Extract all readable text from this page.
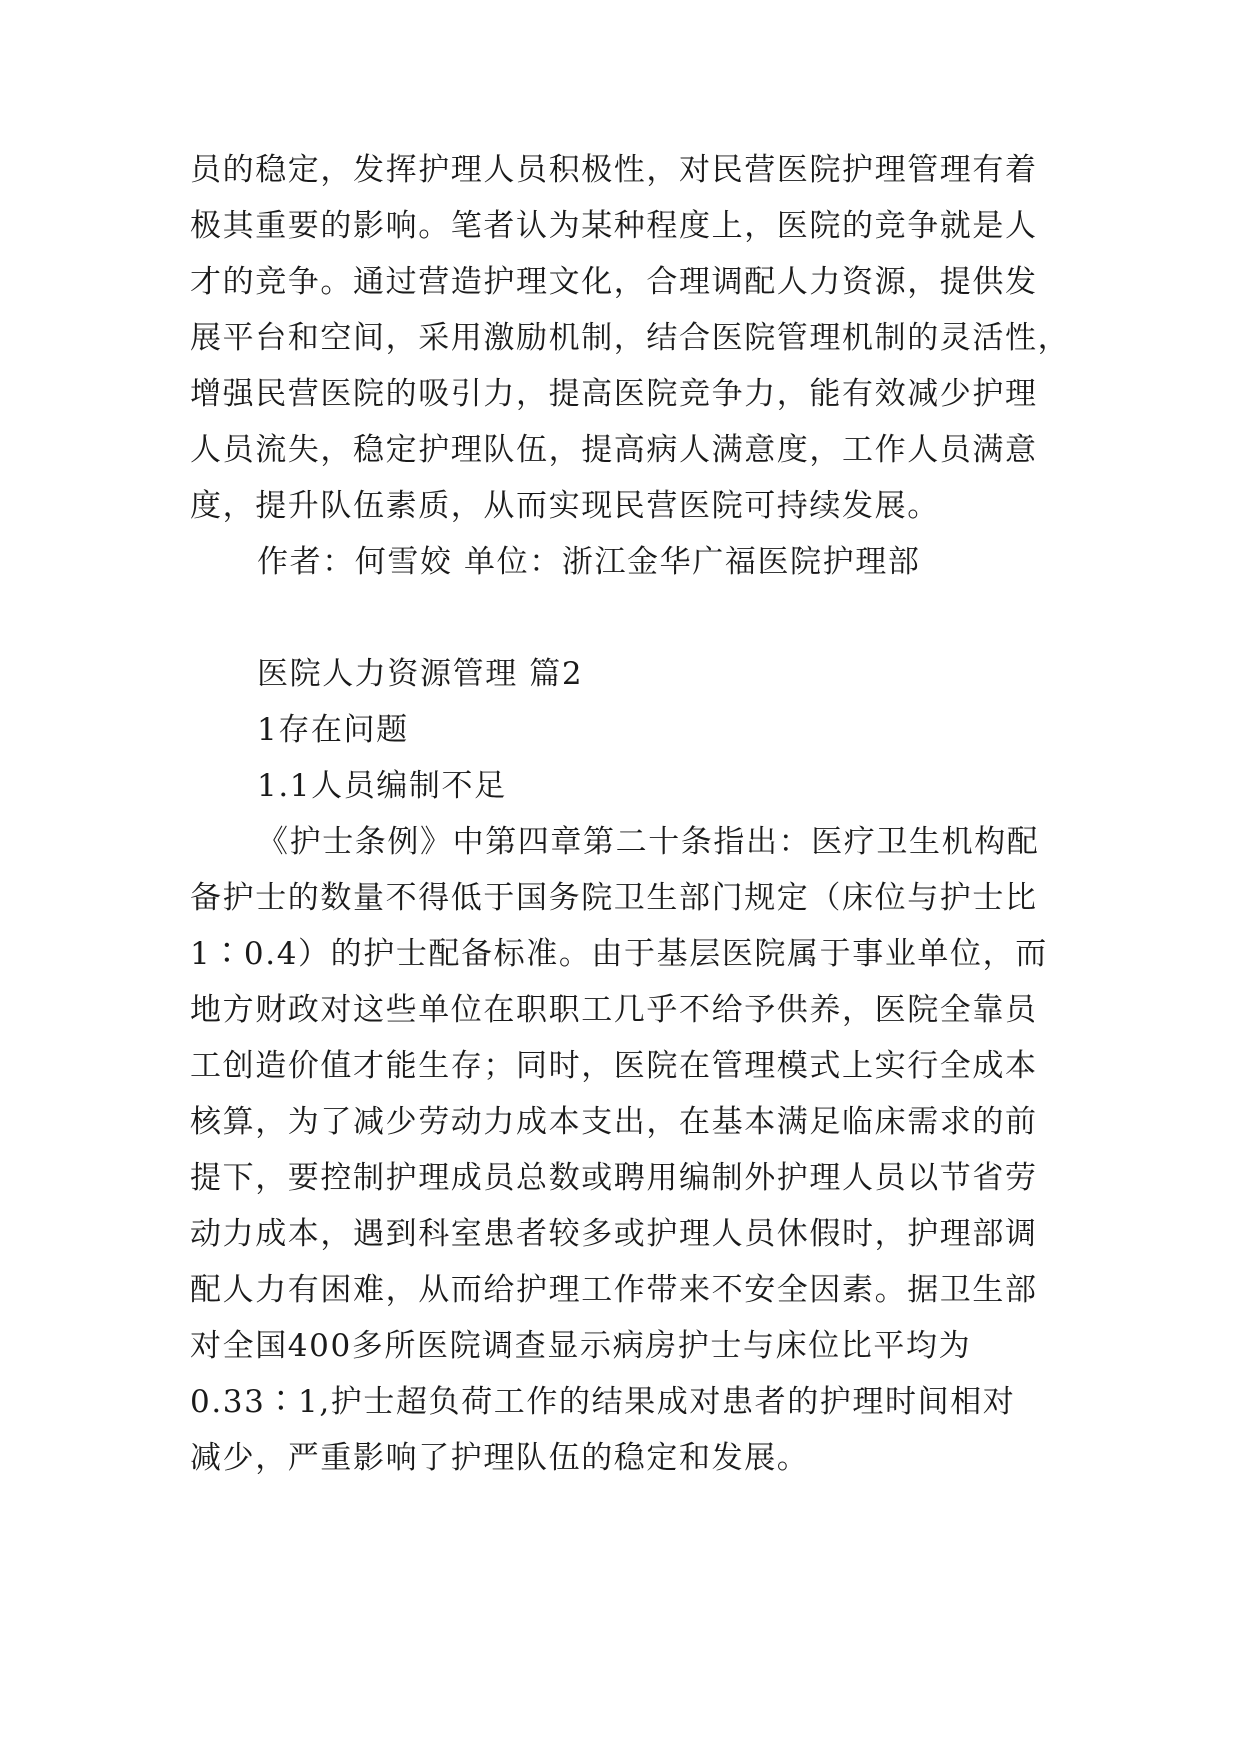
员的稳定，发挥护理人员积极性，对民营医院护理管理有着
极其重要的影响。笔者认为某种程度上，医院的竞争就是人
才的竞争。通过营造护理文化，合理调配人力资源，提供发
展平台和空间，采用激励机制，结合医院管理机制的灵活性，
增强民营医院的吸引力，提高医院竞争力，能有效减少护理
人员流失，稳定护理队伍，提高病人满意度，工作人员满意
度，提升队伍素质，从而实现民营医院可持续发展。
作者：何雪姣 单位：浙江金华广福医院护理部
医院人力资源管理 篇2
1存在问题
1.1人员编制不足
《护士条例》中第四章第二十条指出：医疗卫生机构配
备护士的数量不得低于国务院卫生部门规定（床位与护士比
1∶0.4）的护士配备标准。由于基层医院属于事业单位，而
地方财政对这些单位在职职工几乎不给予供养，医院全靠员
工创造价值才能生存；同时，医院在管理模式上实行全成本
核算，为了减少劳动力成本支出，在基本满足临床需求的前
提下，要控制护理成员总数或聘用编制外护理人员以节省劳
动力成本，遇到科室患者较多或护理人员休假时，护理部调
配人力有困难，从而给护理工作带来不安全因素。据卫生部
对全国400多所医院调查显示病房护士与床位比平均为
0.33∶1,护士超负荷工作的结果成对患者的护理时间相对
减少，严重影响了护理队伍的稳定和发展。
